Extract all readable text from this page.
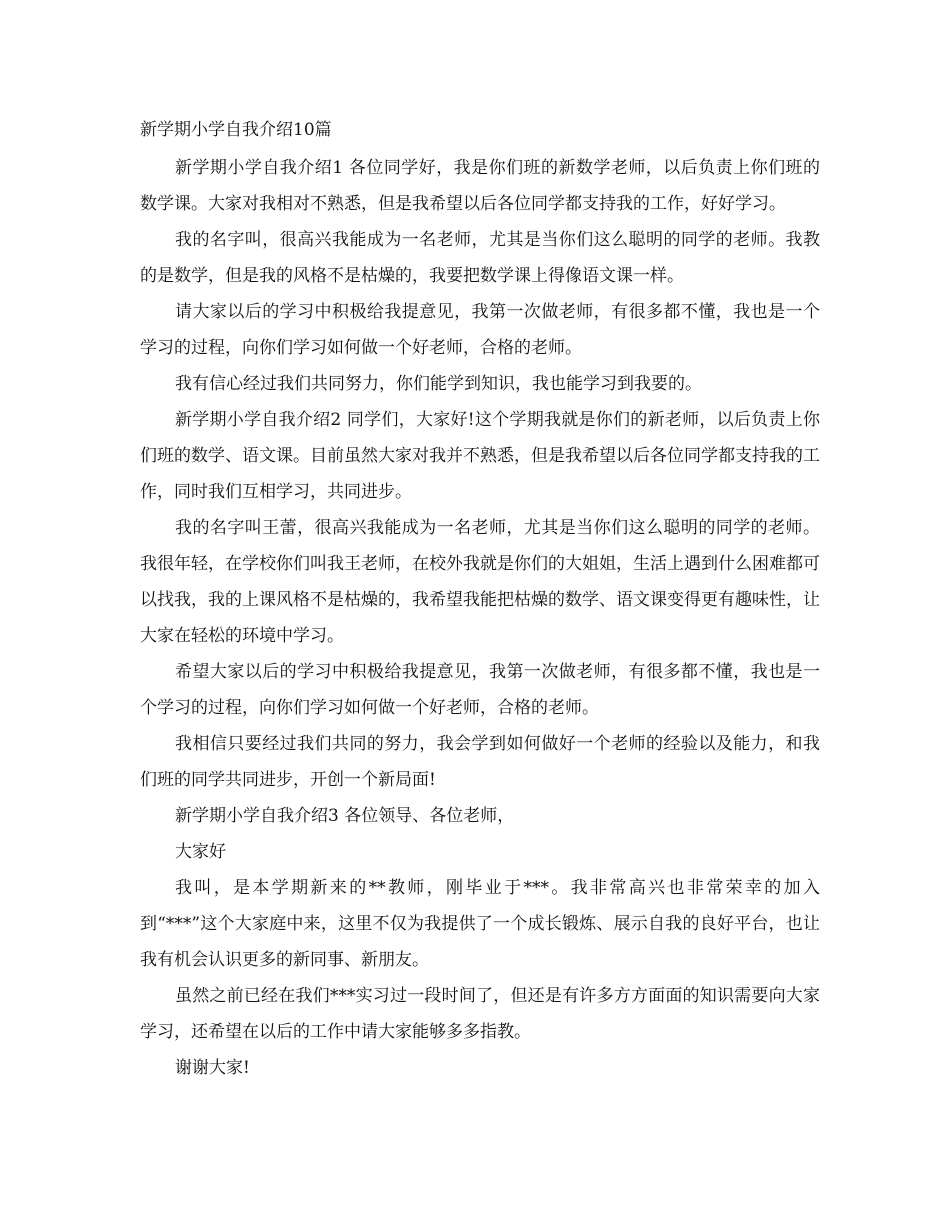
新学期小学自我介绍10篇

新学期小学自我介绍1 各位同学好，我是你们班的新数学老师，以后负责上你们班的数学课。大家对我相对不熟悉，但是我希望以后各位同学都支持我的工作，好好学习。

我的名字叫，很高兴我能成为一名老师，尤其是当你们这么聪明的同学的老师。我教的是数学，但是我的风格不是枯燥的，我要把数学课上得像语文课一样。

请大家以后的学习中积极给我提意见，我第一次做老师，有很多都不懂，我也是一个学习的过程，向你们学习如何做一个好老师，合格的老师。

我有信心经过我们共同努力，你们能学到知识，我也能学习到我要的。

新学期小学自我介绍2 同学们，大家好!这个学期我就是你们的新老师，以后负责上你们班的数学、语文课。目前虽然大家对我并不熟悉，但是我希望以后各位同学都支持我的工作，同时我们互相学习，共同进步。

我的名字叫王蕾，很高兴我能成为一名老师，尤其是当你们这么聪明的同学的老师。我很年轻，在学校你们叫我王老师，在校外我就是你们的大姐姐，生活上遇到什么困难都可以找我，我的上课风格不是枯燥的，我希望我能把枯燥的数学、语文课变得更有趣味性，让大家在轻松的环境中学习。

希望大家以后的学习中积极给我提意见，我第一次做老师，有很多都不懂，我也是一个学习的过程，向你们学习如何做一个好老师，合格的老师。

我相信只要经过我们共同的努力，我会学到如何做好一个老师的经验以及能力，和我们班的同学共同进步，开创一个新局面!

新学期小学自我介绍3 各位领导、各位老师，

大家好

我叫，是本学期新来的**教师，刚毕业于***。我非常高兴也非常荣幸的加入到“***”这个大家庭中来，这里不仅为我提供了一个成长锻炼、展示自我的良好平台，也让我有机会认识更多的新同事、新朋友。

虽然之前已经在我们***实习过一段时间了，但还是有许多方方面面的知识需要向大家学习，还希望在以后的工作中请大家能够多多指教。

谢谢大家!
